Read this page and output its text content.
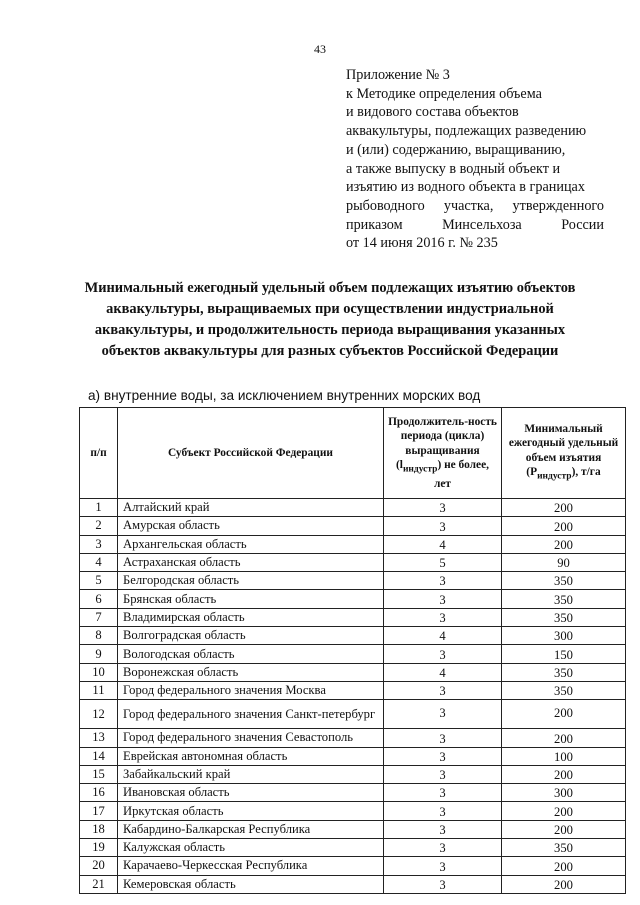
43
Приложение № 3
к Методике определения объема
и видового состава объектов
аквакультуры, подлежащих разведению
и (или) содержанию, выращиванию,
а также выпуску в водный объект и
изъятию из водного объекта в границах
рыбоводного участка, утвержденного
приказом	Минсельхоза	России
от 14 июня 2016 г. № 235
Минимальный ежегодный удельный объем подлежащих изъятию объектов
аквакультуры, выращиваемых при осуществлении индустриальной
аквакультуры, и продолжительность периода выращивания указанных
объектов аквакультуры для разных субъектов Российской Федерации
а) внутренние воды, за исключением внутренних морских вод
п/п	Субъект Российской Федерации	Продолжитель-ность периода (цикла) выращивания $(l_{индустр})$ не более, лет	Минимальный ежегодный удельный объем изъятия $(P_{индустр})$, т/га
1	Алтайский край	3	200
2	Амурская область	3	200
3	Архангельская область	4	200
4	Астраханская область	5	90
5	Белгородская область	3	350
6	Брянская область	3	350
7	Владимирская область	3	350
8	Волгоградская область	4	300
9	Вологодская область	3	150
10	Воронежская область	4	350
11	Город федерального значения Москва	3	350
12	Город федерального значения Санкт-петербург	3	200
13	Город федерального значения Севастополь	3	200
14	Еврейская автономная область	3	100
15	Забайкальский край	3	200
16	Ивановская область	3	300
17	Иркутская область	3	200
18	Кабардино-Балкарская Республика	3	200
19	Калужская область	3	350
20	Карачаево-Черкесская Республика	3	200
21	Кемеровская область	3	200
